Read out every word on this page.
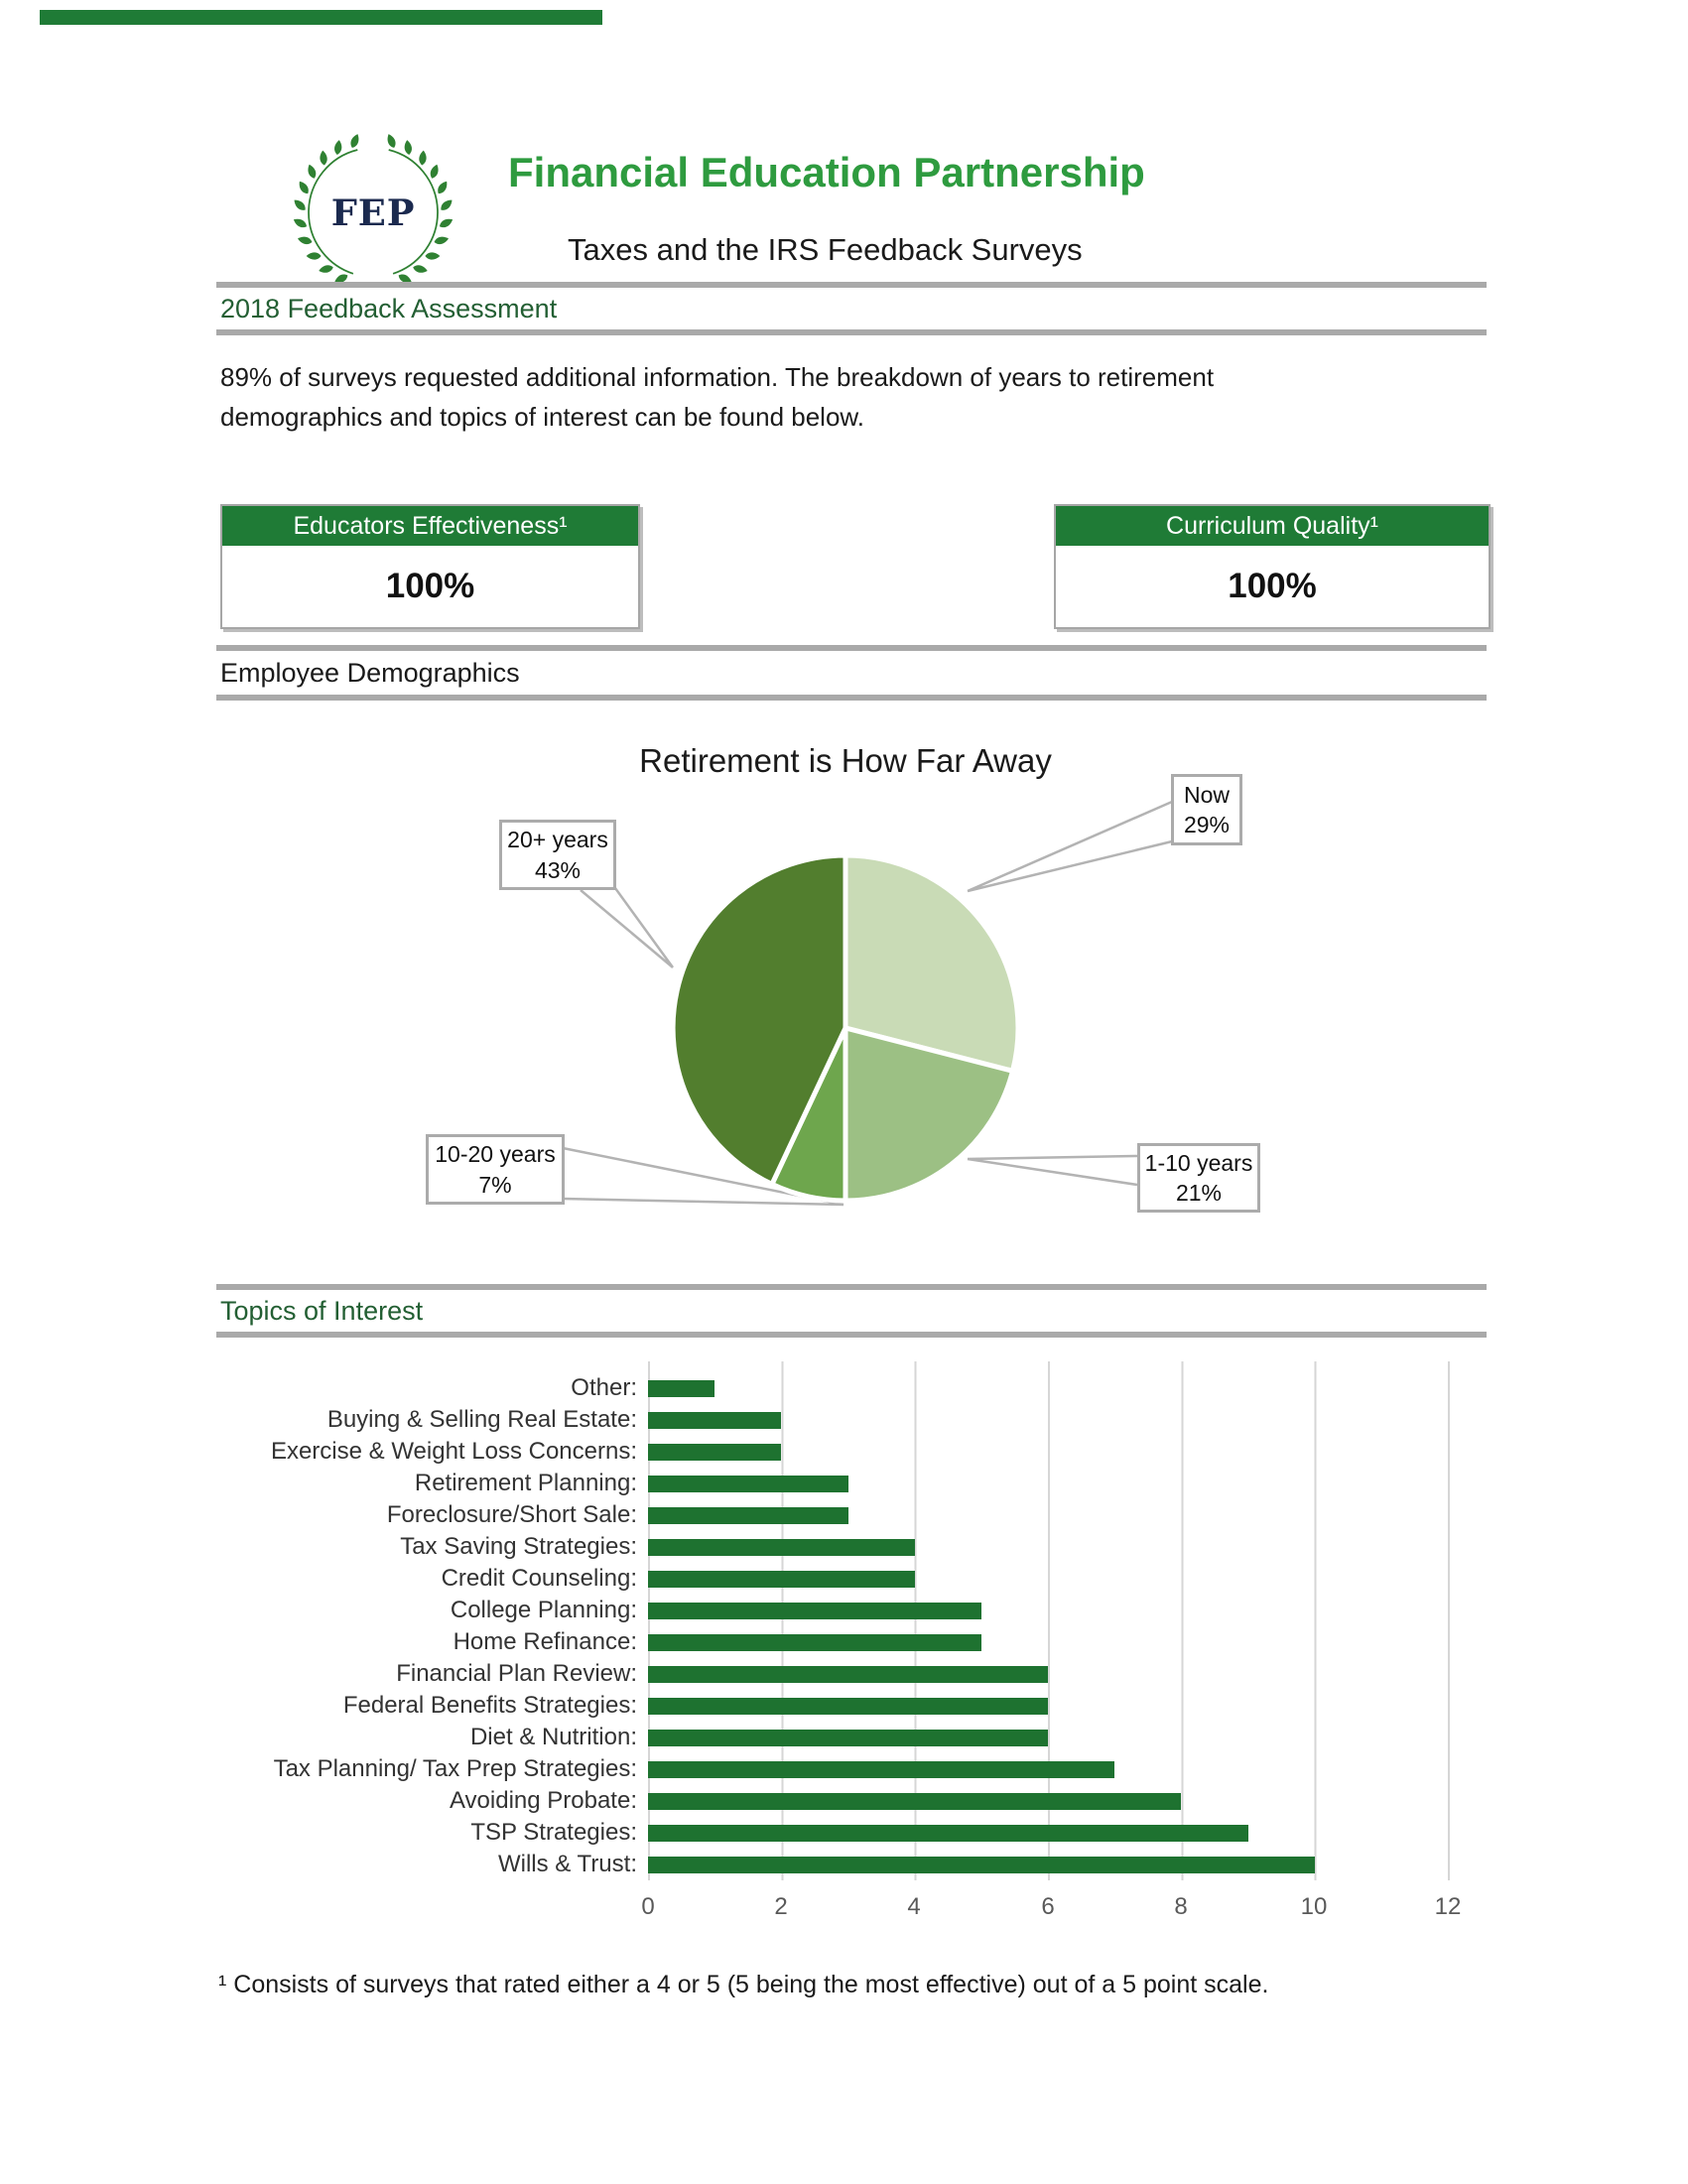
FEP
Financial Education Partnership
Taxes and the IRS Feedback Surveys
2018 Feedback Assessment

89% of surveys requested additional information. The breakdown of years to retirement demographics and topics of interest can be found below.

Educators Effectiveness¹
100%
Curriculum Quality¹
100%
Employee Demographics
Retirement is How Far Away
Now
29%
20+ years
43%
10-20 years
7%
1-10 years
21%
Topics of Interest
Other:
Buying & Selling Real Estate:
Exercise & Weight Loss Concerns:
Retirement Planning:
Foreclosure/Short Sale:
Tax Saving Strategies:
Credit Counseling:
College Planning:
Home Refinance:
Financial Plan Review:
Federal Benefits Strategies:
Diet & Nutrition:
Tax Planning/ Tax Prep Strategies:
Avoiding Probate:
TSP Strategies:
Wills & Trust:
0	2	4	6	8	10	12

¹ Consists of surveys that rated either a 4 or 5 (5 being the most effective) out of a 5 point scale.
